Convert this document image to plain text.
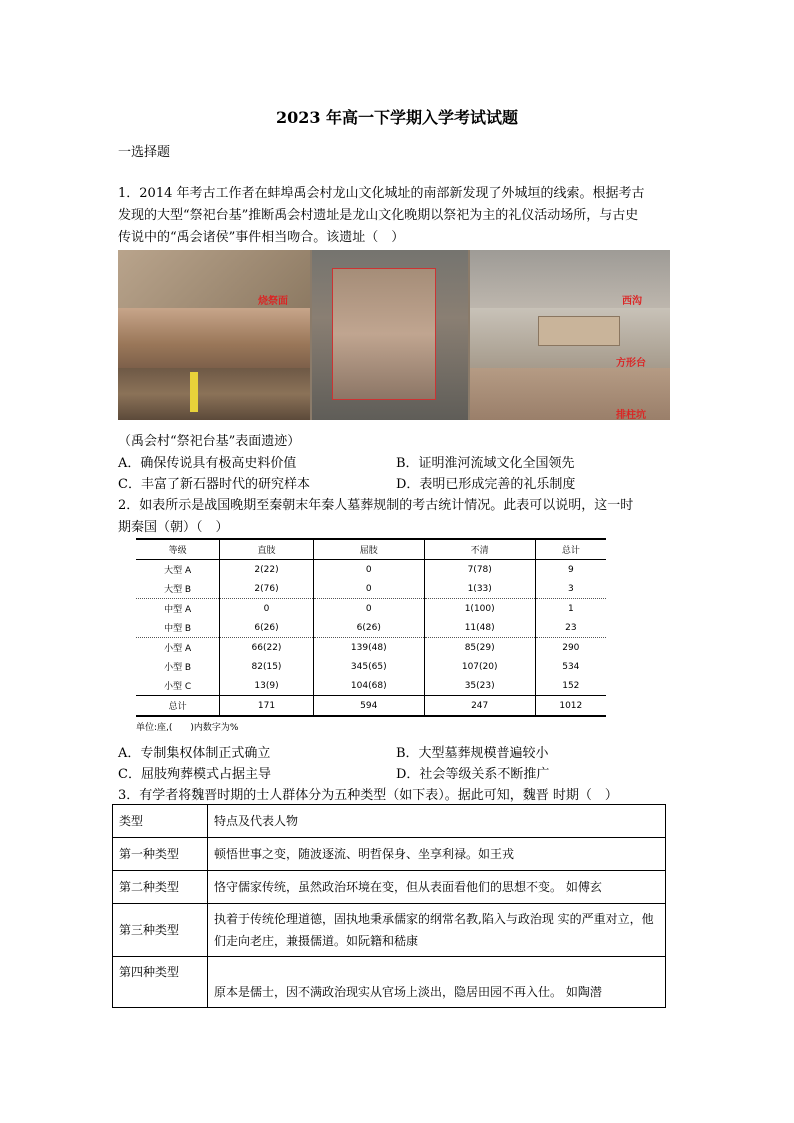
2023 年高一下学期入学考试试题
一选择题
1．2014 年考古工作者在蚌埠禹会村龙山文化城址的南部新发现了外城垣的线索。根据考古
发现的大型“祭祀台基”推断禹会村遗址是龙山文化晚期以祭祀为主的礼仪活动场所，与古史
传说中的“禹会诸侯”事件相当吻合。该遗址（　）
烧祭面	西沟
方形台
排柱坑
（禹会村“祭祀台基”表面遗迹）
A．确保传说具有极高史料价值	B．证明淮河流域文化全国领先
C．丰富了新石器时代的研究样本	D．表明已形成完善的礼乐制度
2．如表所示是战国晚期至秦朝末年秦人墓葬规制的考古统计情况。此表可以说明，这一时
期秦国（朝）（　）
等级	直肢	屈肢	不清	总计
大型 A	2(22)	0	7(78)	9
大型 B	2(76)	0	1(33)	3
中型 A	0	0	1(100)	1
中型 B	6(26)	6(26)	11(48)	23
小型 A	66(22)	139(48)	85(29)	290
小型 B	82(15)	345(65)	107(20)	534
小型 C	13(9)	104(68)	35(23)	152
总计	171	594	247	1012
单位:座,(　　)内数字为%
A．专制集权体制正式确立	B．大型墓葬规模普遍较小
C．屈肢殉葬模式占据主导	D．社会等级关系不断推广
3．有学者将魏晋时期的士人群体分为五种类型（如下表）。据此可知，魏晋 时期（　）
类型	特点及代表人物
第一种类型	顿悟世事之变，随波逐流、明哲保身、坐享利禄。如王戎
第二种类型	恪守儒家传统，虽然政治环境在变，但从表面看他们的思想不变。 如傅玄
第三种类型	执着于传统伦理道德，固执地秉承儒家的纲常名教,陷入与政治现 实的严重对立，他们走向老庄，兼摄儒道。如阮籍和嵇康
第四种类型	原本是儒士，因不满政治现实从官场上淡出，隐居田园不再入仕。 如陶潜
